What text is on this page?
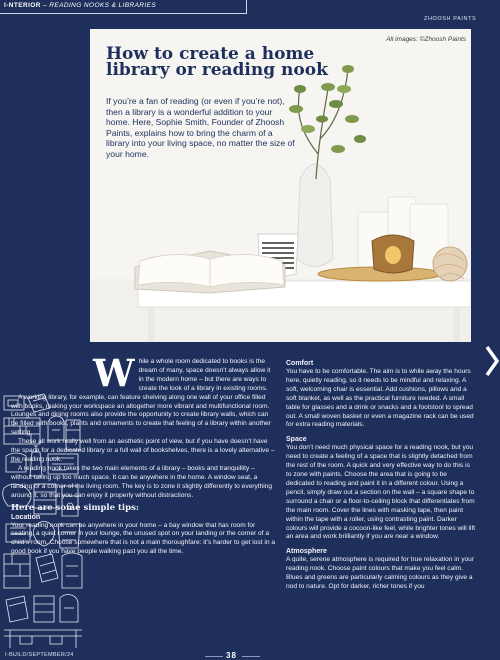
I-NTERIOR – READING NOOKS & LIBRARIES
ZHOOSH PAINTS
All images: ©Zhoosh Paints
How to create a home library or reading nook

If you’re a fan of reading (or even if you’re not), then a library is a wonderful addition to your home. Here, Sophie Smith, Founder of Zhoosh Paints, explains how to bring the charm of a library into your living space, no matter the size of your home.

While a whole room dedicated to books is the dream of many, space doesn’t always allow it in the modern home – but there are ways to create the look of a library in existing rooms.

A working library, for example, can feature shelving along one wall of your office filled with books, making your workspace an altogether more vibrant and multifunctional room. Lounges and dining rooms also provide the opportunity to create library walls, which can be filled with books, plants and ornaments to create that feeling of a library within another setting.

These all work really well from an aesthetic point of view, but if you have doesn’t have the space for a dedicated library or a full wall of bookshelves, there is a lovely alternative – the reading nook.

A reading nook takes the two main elements of a library – books and tranquillity – without taking up too much space. It can be anywhere in the home. A window seat, a landing or a corner of the living room. The key is to zone it slightly differently to everything around it, so that you can enjoy it properly without distractions.

Here are some simple tips:
Location

Your reading nook can be anywhere in your home – a bay window that has room for seating, a quiet corner in your lounge, the unused spot on your landing or the corner of a child’s room. Choose somewhere that is not a main thoroughfare: it’s harder to get lost in a good book if you have people walking past you all the time.

Comfort

You have to be comfortable. The aim is to while away the hours here, quietly reading, so it needs to be mindful and relaxing. A soft, welcoming chair is essential. Add cushions, pillows and a soft blanket, as well as the practical furniture needed. A small table for glasses and a drink or snacks and a footstool to spread out. A small woven basket or even a magazine rack can be used for extra reading materials.

Space

You don’t need much physical space for a reading nook, but you need to create a feeling of a space that is slightly detached from the rest of the room. A quick and very effective way to do this is to zone with paints. Choose the area that is going to be dedicated to reading and paint it in a different colour. Using a pencil, simply draw out a section on the wall – a square shape to surround a chair or a floor-to-ceiling block that differentiates from the main room. Cover the lines with masking tape, then paint within the tape with a roller, using contrasting paint. Darker colours will provide a cocoon-like feel, while brighter tones will lift an area and work brilliantly if you are near a window.

Atmosphere

A quite, serene atmosphere is required for true relaxation in your reading nook. Choose paint colours that make you feel calm. Blues and greens are particularly calming colours as they give a nod to nature. Opt for darker, richer tones if you

I-BUILD/SEPTEMBER/24	38
